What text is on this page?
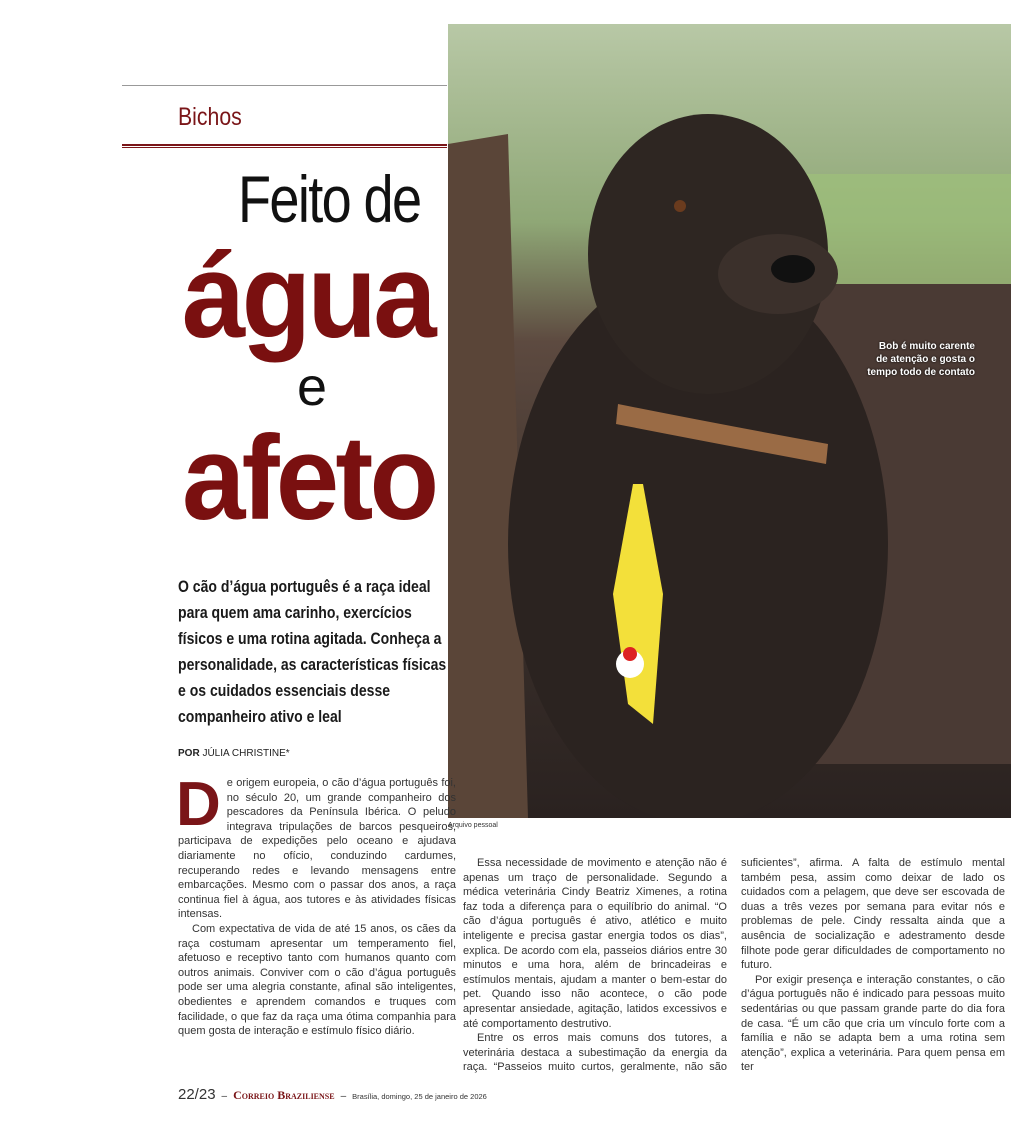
Bichos
Feito de
água
e
afeto
O cão d’água português é a raça ideal para quem ama carinho, exercícios físicos e uma rotina agitada. Conheça a personalidade, as características físicas e os cuidados essenciais desse companheiro ativo e leal
POR JÚLIA CHRISTINE*
Bob é muito carente de atenção e gosta o tempo todo de contato
Arquivo pessoal

De origem europeia, o cão d’água português foi, no século 20, um grande companheiro dos pescadores da Península Ibérica. O peludo integrava tripulações de barcos pesqueiros, participava de expedições pelo oceano e ajudava diariamente no ofício, conduzindo cardumes, recuperando redes e levando mensagens entre embarcações. Mesmo com o passar dos anos, a raça continua fiel à água, aos tutores e às atividades físicas intensas.

Com expectativa de vida de até 15 anos, os cães da raça costumam apresentar um temperamento fiel, afetuoso e receptivo tanto com humanos quanto com outros animais. Conviver com o cão d’água português pode ser uma alegria constante, afinal são inteligentes, obedientes e aprendem comandos e truques com facilidade, o que faz da raça uma ótima companhia para quem gosta de interação e estímulo físico diário.

Essa necessidade de movimento e atenção não é apenas um traço de personalidade. Segundo a médica veterinária Cindy Beatriz Ximenes, a rotina faz toda a diferença para o equilíbrio do animal. “O cão d’água português é ativo, atlético e muito inteligente e precisa gastar energia todos os dias”, explica. De acordo com ela, passeios diários entre 30 minutos e uma hora, além de brincadeiras e estímulos mentais, ajudam a manter o bem-estar do pet. Quando isso não acontece, o cão pode apresentar ansiedade, agitação, latidos excessivos e até comportamento destrutivo.

Entre os erros mais comuns dos tutores, a veterinária destaca a subestimação da energia da raça. “Passeios muito curtos, geralmente, não são suficientes”, afirma. A falta de estímulo mental também pesa, assim como deixar de lado os cuidados com a pelagem, que deve ser escovada de duas a três vezes por semana para evitar nós e problemas de pele. Cindy ressalta ainda que a ausência de socialização e adestramento desde filhote pode gerar dificuldades de comportamento no futuro.

Por exigir presença e interação constantes, o cão d’água português não é indicado para pessoas muito sedentárias ou que passam grande parte do dia fora de casa. “É um cão que cria um vínculo forte com a família e não se adapta bem a uma rotina sem atenção”, explica a veterinária. Para quem pensa em ter

22/23 – Correio Braziliense – Brasília, domingo, 25 de janeiro de 2026
